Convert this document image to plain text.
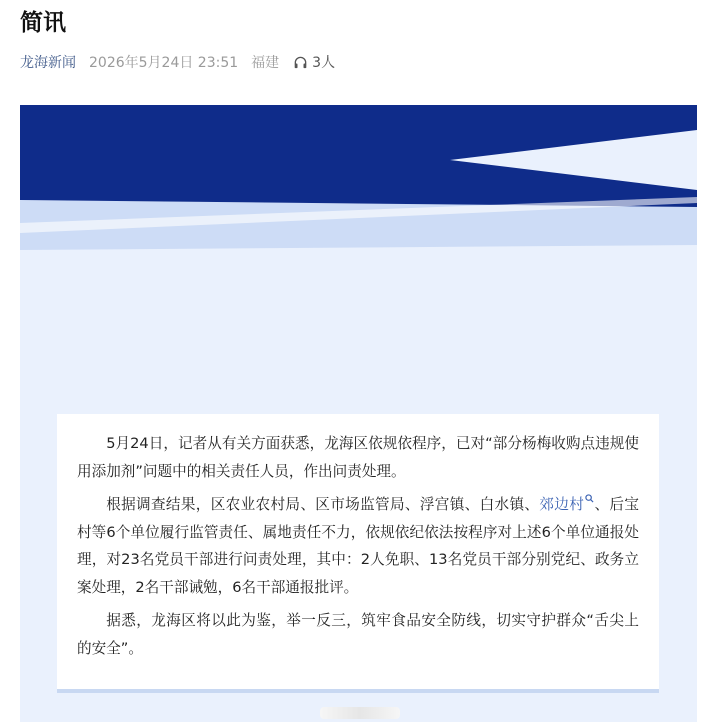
简讯
龙海新闻 2026年5月24日 23:51 福建 3人

5月24日，记者从有关方面获悉，龙海区依规依程序，已对“部分杨梅收购点违规使用添加剂”问题中的相关责任人员，作出问责处理。

根据调查结果，区农业农村局、区市场监管局、浮宫镇、白水镇、郊边村 、后宝村等6个单位履行监管责任、属地责任不力，依规依纪依法按程序对上述6个单位通报处理，对23名党员干部进行问责处理，其中：2人免职、13名党员干部分别党纪、政务立案处理，2名干部诫勉，6名干部通报批评。

据悉，龙海区将以此为鉴，举一反三，筑牢食品安全防线，切实守护群众“舌尖上的安全”。
